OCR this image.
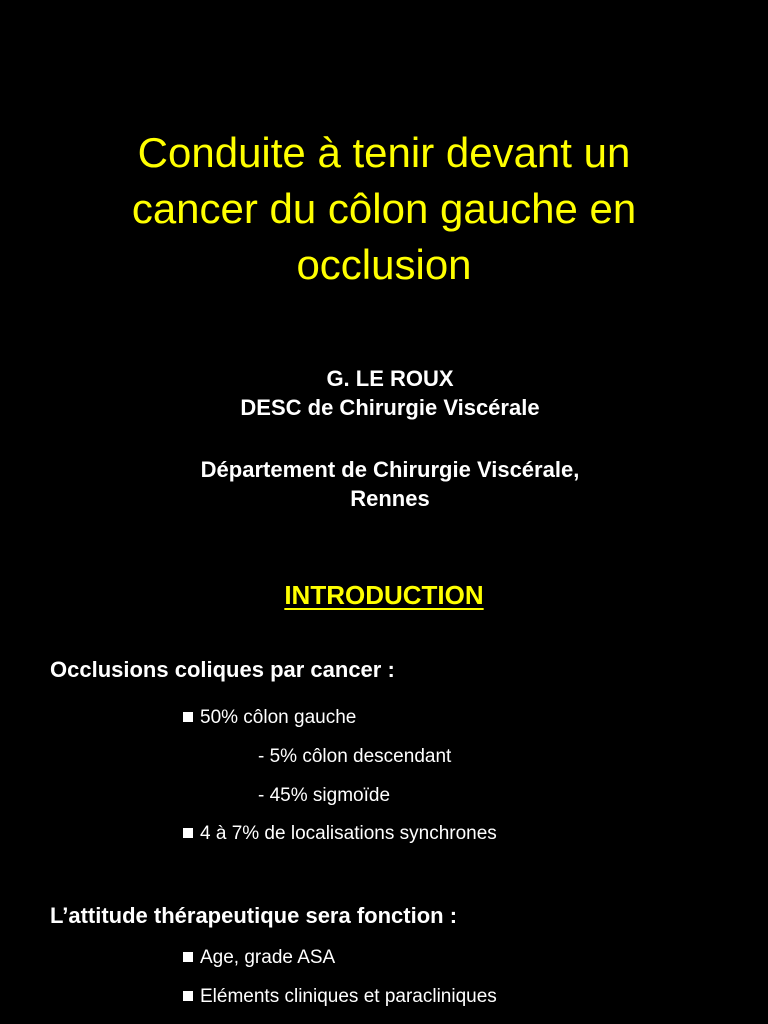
Conduite à tenir devant un
cancer du côlon gauche en
occlusion
G. LE ROUX
DESC de Chirurgie Viscérale
Département de Chirurgie Viscérale,
Rennes
INTRODUCTION
Occlusions coliques par cancer :
50% côlon gauche
- 5% côlon descendant
- 45% sigmoïde
4 à 7% de localisations synchrones
L’attitude thérapeutique sera fonction :
Age, grade ASA
Eléments cliniques et paracliniques
